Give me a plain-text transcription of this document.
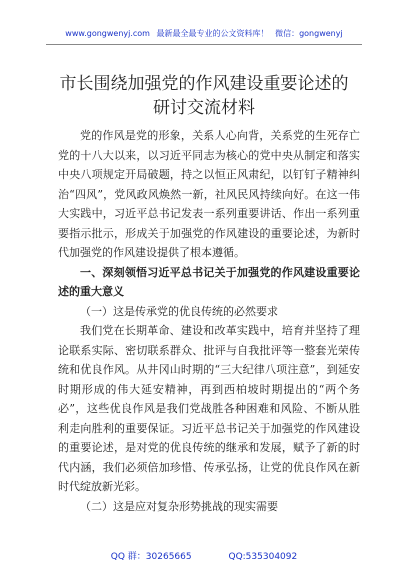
www.gongwenyj.com 最新最全最专业的公文资料库！ 微信：gongwenyj
市长围绕加强党的作风建设重要论述的研讨交流材料

党的作风是党的形象，关系人心向背，关系党的生死存亡党的十八大以来，以习近平同志为核心的党中央从制定和落实中央八项规定开局破题，持之以恒正风肃纪，以钉钉子精神纠治“四风”，党风政风焕然一新，社风民风持续向好。在这一伟大实践中，习近平总书记发表一系列重要讲话、作出一系列重要指示批示，形成关于加强党的作风建设的重要论述，为新时代加强党的作风建设提供了根本遵循。

一、深刻领悟习近平总书记关于加强党的作风建设重要论述的重大意义

（一）这是传承党的优良传统的必然要求

我们党在长期革命、建设和改革实践中，培育并坚持了理论联系实际、密切联系群众、批评与自我批评等一整套光荣传统和优良作风。从井冈山时期的“三大纪律八项注意”，到延安时期形成的伟大延安精神，再到西柏坡时期提出的“两个务必”，这些优良作风是我们党战胜各种困难和风险、不断从胜利走向胜利的重要保证。习近平总书记关于加强党的作风建设的重要论述，是对党的优良传统的继承和发展，赋予了新的时代内涵，我们必须倍加珍惜、传承弘扬，让党的优良作风在新时代绽放新光彩。

（二）这是应对复杂形势挑战的现实需要

QQ 群：30265665	QQ:535304092
